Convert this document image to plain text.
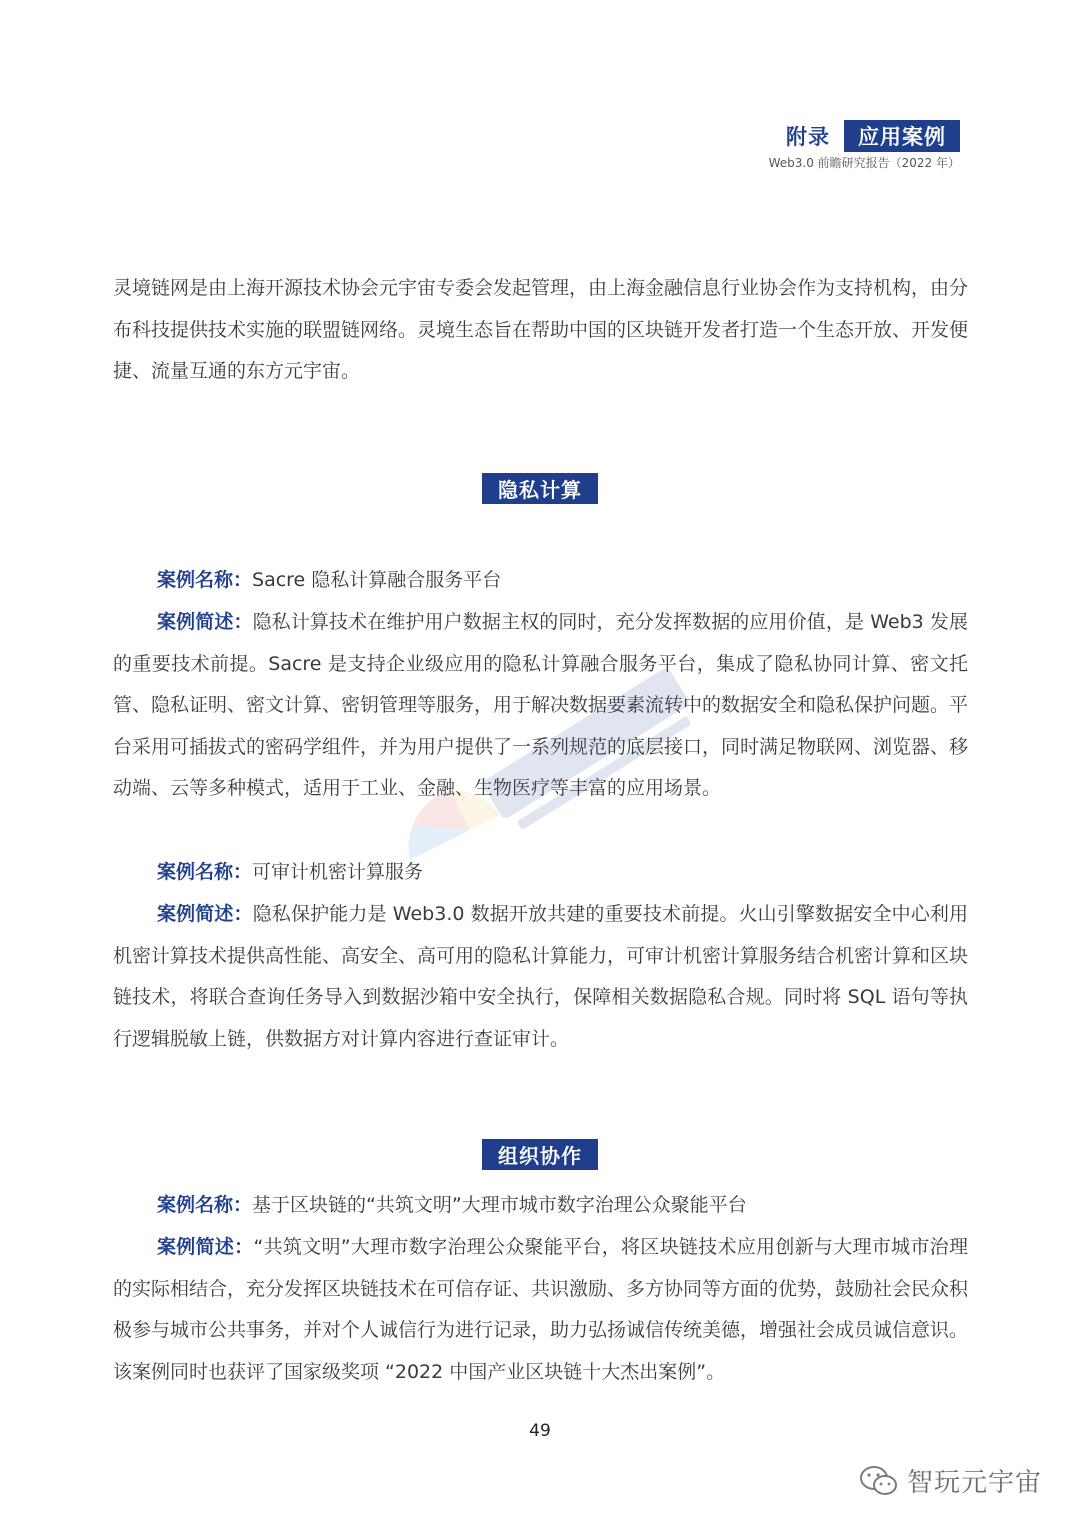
附录	应用案例
Web3.0 前瞻研究报告（2022 年）

灵境链网是由上海开源技术协会元宇宙专委会发起管理，由上海金融信息行业协会作为支持机构，由分布科技提供技术实施的联盟链网络。灵境生态旨在帮助中国的区块链开发者打造一个生态开放、开发便捷、流量互通的东方元宇宙。

隐私计算

案例名称：Sacre 隐私计算融合服务平台

案例简述：隐私计算技术在维护用户数据主权的同时，充分发挥数据的应用价值，是 Web3 发展的重要技术前提。Sacre 是支持企业级应用的隐私计算融合服务平台，集成了隐私协同计算、密文托管、隐私证明、密文计算、密钥管理等服务，用于解决数据要素流转中的数据安全和隐私保护问题。平台采用可插拔式的密码学组件，并为用户提供了一系列规范的底层接口，同时满足物联网、浏览器、移动端、云等多种模式，适用于工业、金融、生物医疗等丰富的应用场景。

案例名称：可审计机密计算服务

案例简述：隐私保护能力是 Web3.0 数据开放共建的重要技术前提。火山引擎数据安全中心利用机密计算技术提供高性能、高安全、高可用的隐私计算能力，可审计机密计算服务结合机密计算和区块链技术，将联合查询任务导入到数据沙箱中安全执行，保障相关数据隐私合规。同时将 SQL 语句等执行逻辑脱敏上链，供数据方对计算内容进行查证审计。

组织协作

案例名称：基于区块链的“共筑文明”大理市城市数字治理公众聚能平台

案例简述：“共筑文明”大理市数字治理公众聚能平台，将区块链技术应用创新与大理市城市治理的实际相结合，充分发挥区块链技术在可信存证、共识激励、多方协同等方面的优势，鼓励社会民众积极参与城市公共事务，并对个人诚信行为进行记录，助力弘扬诚信传统美德，增强社会成员诚信意识。该案例同时也获评了国家级奖项 “2022 中国产业区块链十大杰出案例”。

49
智玩元宇宙
